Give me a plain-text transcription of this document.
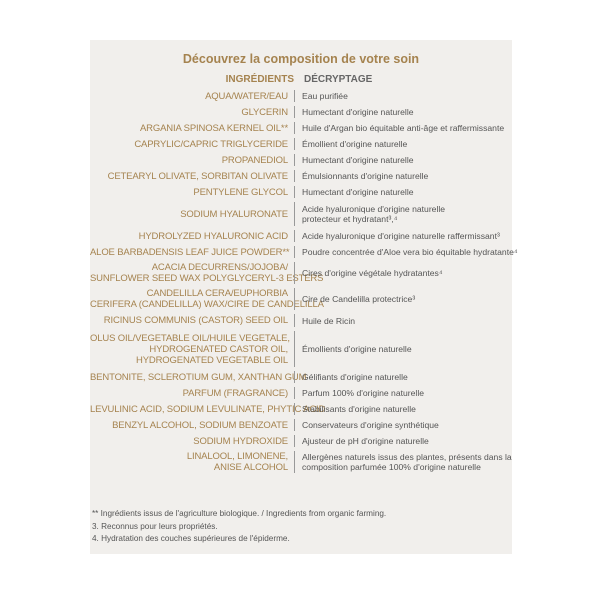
Découvrez la composition de votre soin
INGRÉDIENTS DÉCRYPTAGE
AQUA/WATER/EAU Eau purifiée
GLYCERIN Humectant d'origine naturelle
ARGANIA SPINOSA KERNEL OIL** Huile d'Argan bio équitable anti-âge et raffermissante
CAPRYLIC/CAPRIC TRIGLYCERIDE Émollient d'origine naturelle
PROPANEDIOL Humectant d'origine naturelle
CETEARYL OLIVATE, SORBITAN OLIVATE Émulsionnants d'origine naturelle
PENTYLENE GLYCOL Humectant d'origine naturelle
SODIUM HYALURONATE Acide hyaluronique d'origine naturelle
protecteur et hydratant³,⁴
HYDROLYZED HYALURONIC ACID Acide hyaluronique d'origine naturelle raffermissant³
ALOE BARBADENSIS LEAF JUICE POWDER** Poudre concentrée d'Aloe vera bio équitable hydratante⁴
ACACIA DECURRENS/JOJOBA/
SUNFLOWER SEED WAX POLYGLYCERYL-3 ESTERS
Cires d'origine végétale hydratantes⁴
CANDELILLA CERA/EUPHORBIA
CERIFERA (CANDELILLA) WAX/CIRE DE CANDELILLA
Cire de Candelilla protectrice³
RICINUS COMMUNIS (CASTOR) SEED OIL Huile de Ricin
OLUS OIL/VEGETABLE OIL/HUILE VEGETALE,
HYDROGENATED CASTOR OIL,
HYDROGENATED VEGETABLE OIL
Émollients d'origine naturelle
BENTONITE, SCLEROTIUM GUM, XANTHAN GUM
Gélifiants d'origine naturelle
PARFUM (FRAGRANCE) Parfum 100% d'origine naturelle
LEVULINIC ACID, SODIUM LEVULINATE, PHYTIC ACID
Stabilisants d'origine naturelle
BENZYL ALCOHOL, SODIUM BENZOATE Conservateurs d'origine synthétique
SODIUM HYDROXIDE Ajusteur de pH d'origine naturelle
LINALOOL, LIMONENE,
ANISE ALCOHOL
Allergènes naturels issus des plantes, présents dans la
composition parfumée 100% d'origine naturelle
** Ingrédients issus de l'agriculture biologique. / Ingredients from organic farming.
3. Reconnus pour leurs propriétés.
4. Hydratation des couches supérieures de l'épiderme.
